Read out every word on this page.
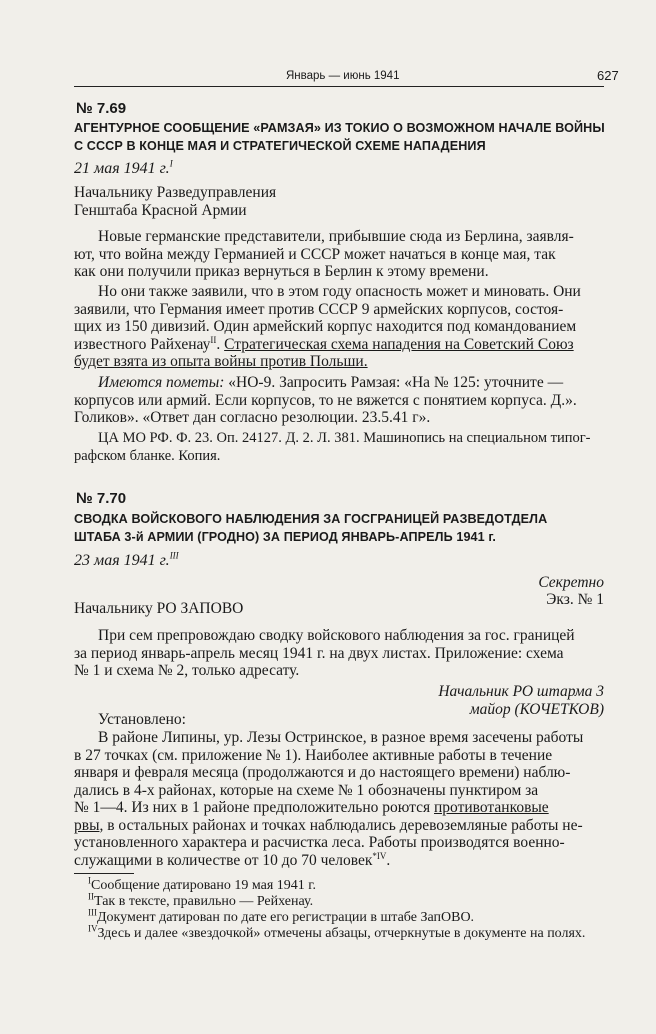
Январь — июнь 1941	627
№ 7.69
АГЕНТУРНОЕ СООБЩЕНИЕ «РАМЗАЯ» ИЗ ТОКИО О ВОЗМОЖНОМ НАЧАЛЕ ВОЙНЫ
С СССР В КОНЦЕ МАЯ И СТРАТЕГИЧЕСКОЙ СХЕМЕ НАПАДЕНИЯ
21 мая 1941 г.$^I$
Начальнику Разведуправления
Генштаба Красной Армии
Новые германские представители, прибывшие сюда из Берлина, заявля-
ют, что война между Германией и СССР может начаться в конце мая, так
как они получили приказ вернуться в Берлин к этому времени.
Но они также заявили, что в этом году опасность может и миновать. Они
заявили, что Германия имеет против СССР 9 армейских корпусов, состоя-
щих из 150 дивизий. Один армейский корпус находится под командованием
известного Райхенау$^{II}$. Стратегическая схема нападения на Советский Союз
будет взята из опыта войны против Польши.
Имеются пометы: «НО-9. Запросить Рамзая: «На № 125: уточните —
корпусов или армий. Если корпусов, то не вяжется с понятием корпуса. Д.».
Голиков». «Ответ дан согласно резолюции. 23.5.41 г».
ЦА МО РФ. Ф. 23. Оп. 24127. Д. 2. Л. 381. Машинопись на специальном типог-
рафском бланке. Копия.
№ 7.70
СВОДКА ВОЙСКОВОГО НАБЛЮДЕНИЯ ЗА ГОСГРАНИЦЕЙ РАЗВЕДОТДЕЛА
ШТАБА 3-й АРМИИ (ГРОДНО) ЗА ПЕРИОД ЯНВАРЬ-АПРЕЛЬ 1941 г.
23 мая 1941 г.$^{III}$
Секретно
Экз. № 1
Начальнику РО ЗАПОВО
При сем препровождаю сводку войскового наблюдения за гос. границей
за период январь-апрель месяц 1941 г. на двух листах. Приложение: схема
№ 1 и схема № 2, только адресату.
Начальник РО штарма 3
майор (КОЧЕТКОВ)
Установлено:
В районе Липины, ур. Лезы Остринское, в разное время засечены работы
в 27 точках (см. приложение № 1). Наиболее активные работы в течение
января и февраля месяца (продолжаются и до настоящего времени) наблю-
дались в 4-х районах, которые на схеме № 1 обозначены пунктиром за
№ 1—4. Из них в 1 районе предположительно роются противотанковые
рвы, в остальных районах и точках наблюдались деревоземляные работы не-
установленного характера и расчистка леса. Работы производятся военно-
служащими в количестве от 10 до 70 человек$^{*IV}$.
$^I$Сообщение датировано 19 мая 1941 г.
$^{II}$Так в тексте, правильно — Рейхенау.
$^{III}$Документ датирован по дате его регистрации в штабе ЗапОВО.
$^{IV}$Здесь и далее «звездочкой» отмечены абзацы, отчеркнутые в документе на полях.
